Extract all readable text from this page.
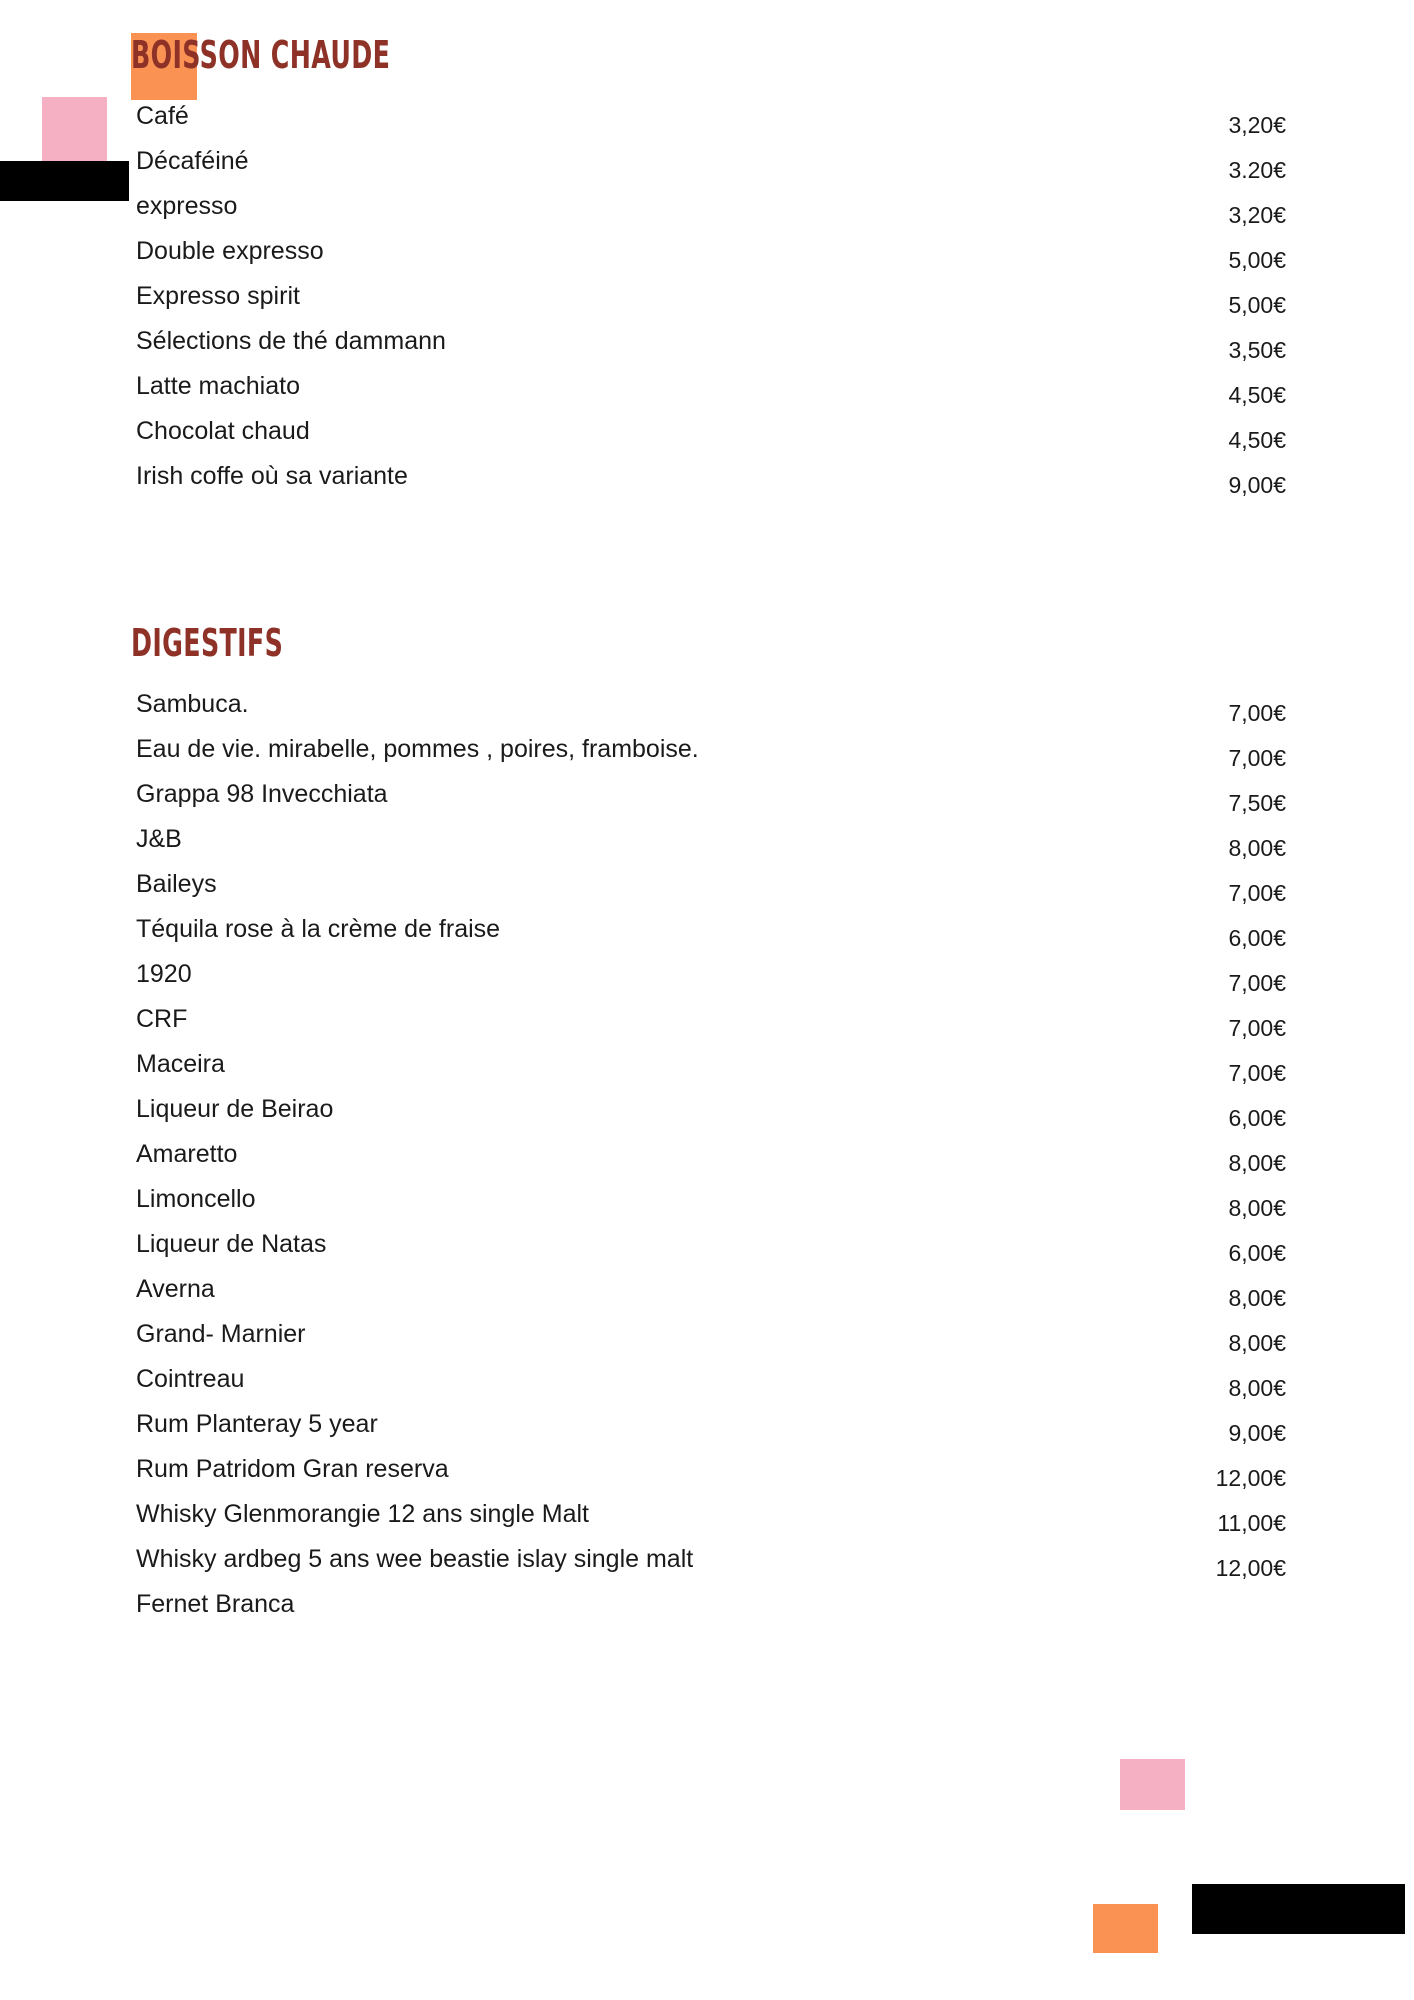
BOISSON CHAUDE
Café	3,20€
Décaféiné	3.20€
expresso	3,20€
Double expresso	5,00€
Expresso spirit	5,00€
Sélections de thé dammann	3,50€
Latte machiato	4,50€
Chocolat chaud	4,50€
Irish coffe où sa variante	9,00€
DIGESTIFS
Sambuca.	7,00€
Eau de vie. mirabelle, pommes , poires, framboise.	7,00€
Grappa 98 Invecchiata	7,50€
J&B	8,00€
Baileys	7,00€
Téquila rose à la crème de fraise	6,00€
1920	7,00€
CRF	7,00€
Maceira	7,00€
Liqueur de Beirao	6,00€
Amaretto	8,00€
Limoncello	8,00€
Liqueur de Natas	6,00€
Averna	8,00€
Grand- Marnier	8,00€
Cointreau	8,00€
Rum Planteray 5 year	9,00€
Rum Patridom Gran reserva	12,00€
Whisky Glenmorangie 12 ans single Malt	11,00€
Whisky ardbeg 5 ans wee beastie islay single malt	12,00€
Fernet Branca	8,00€
